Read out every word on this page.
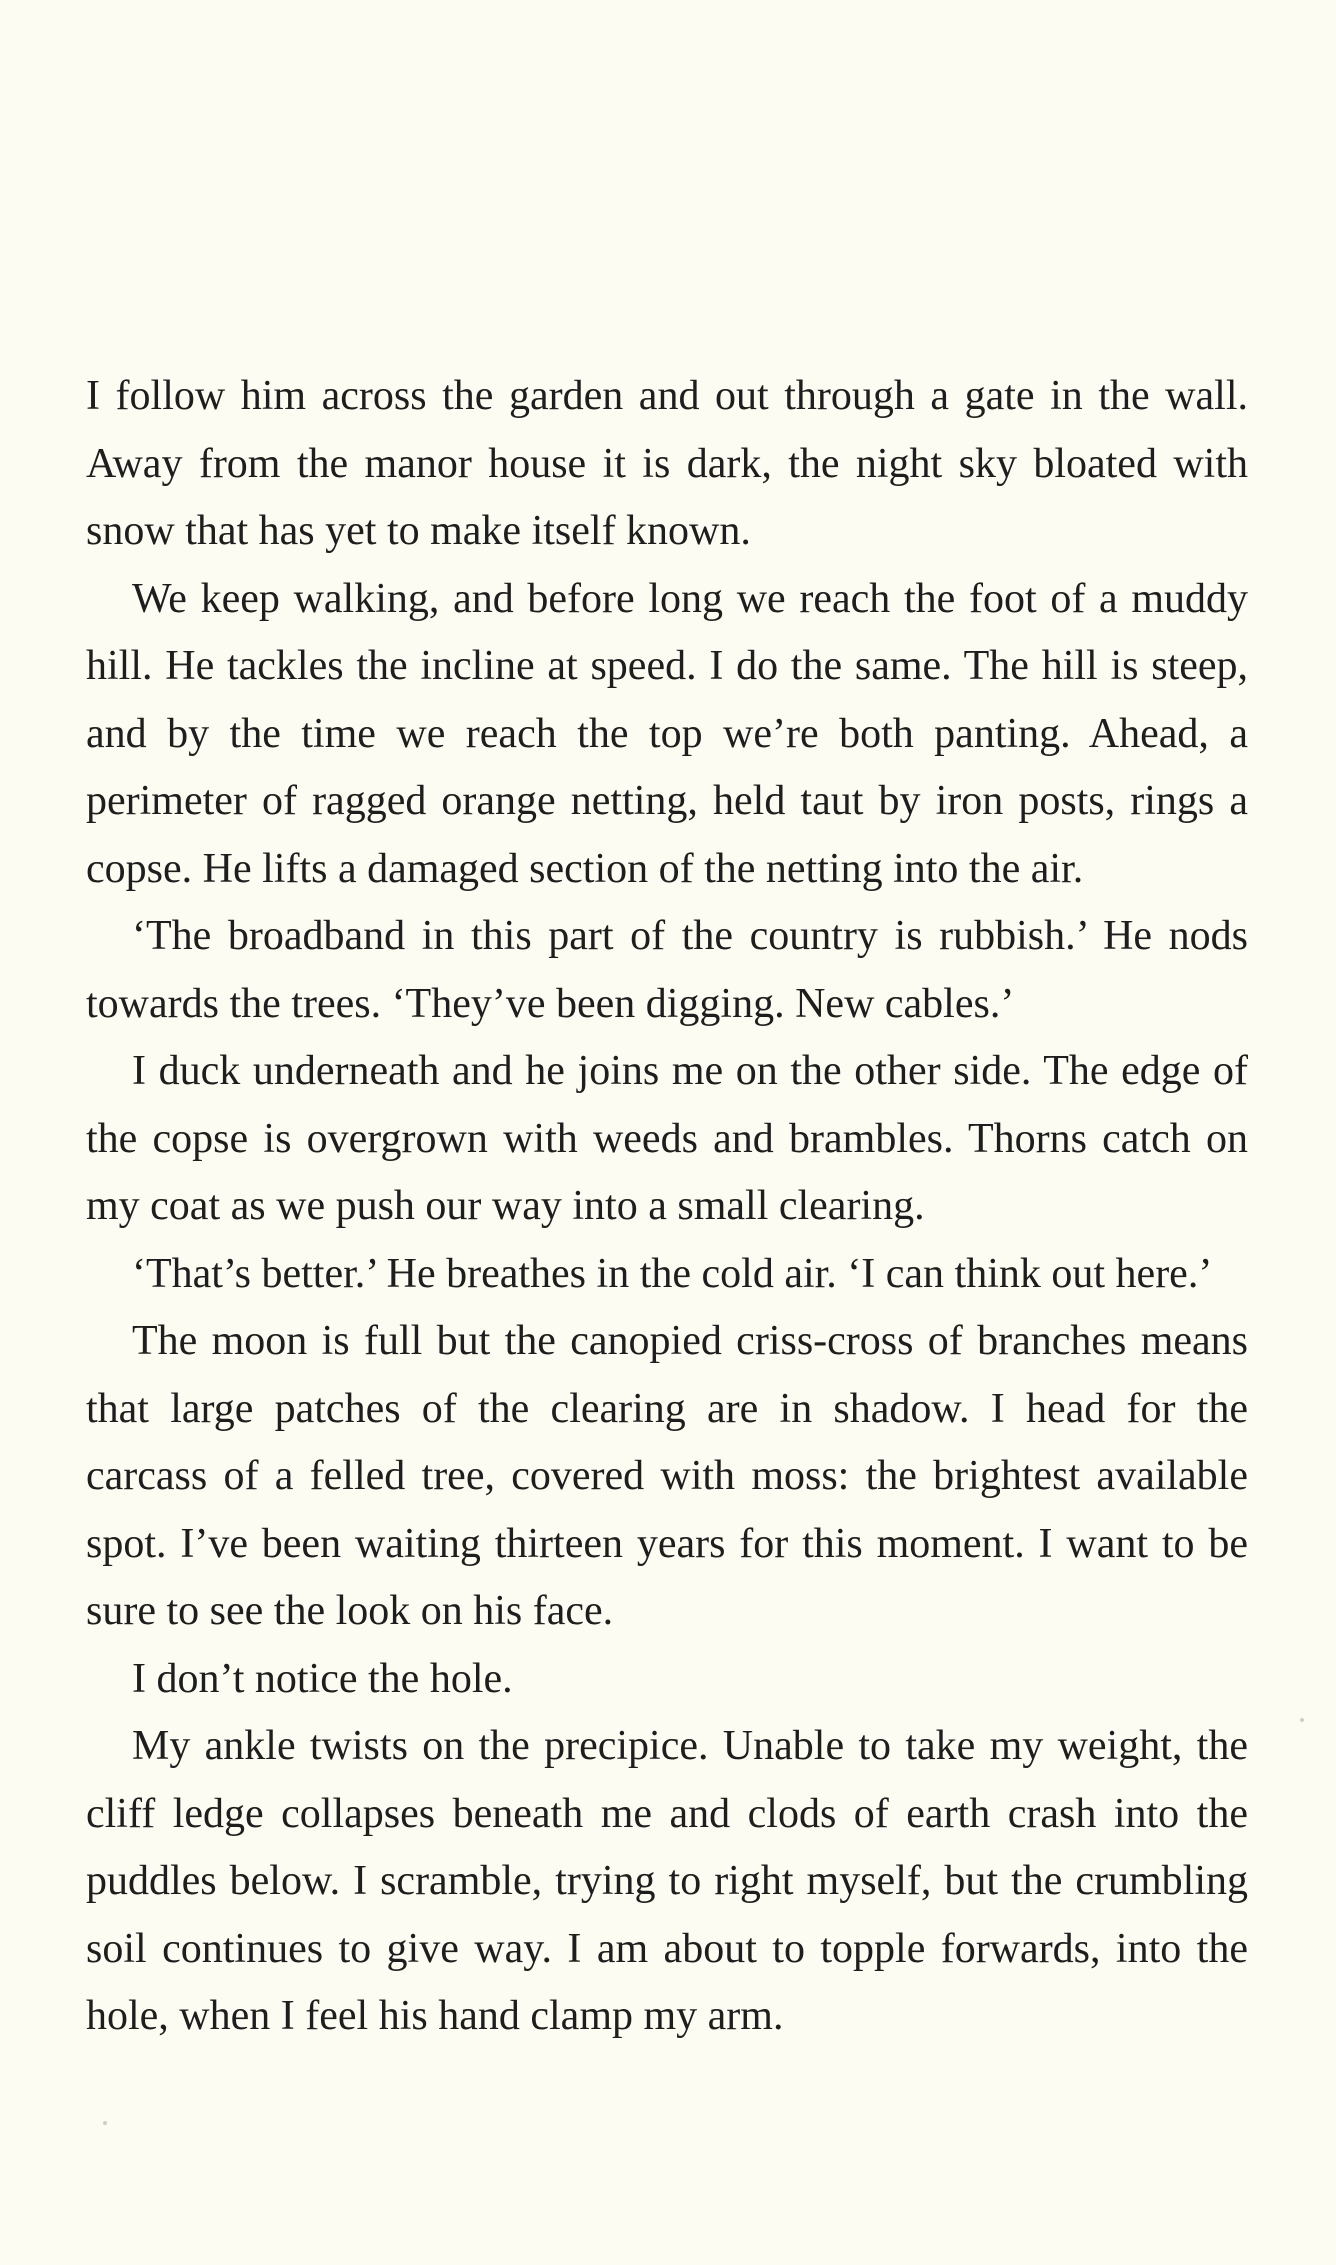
I follow him across the garden and out through a gate in the wall. Away from the manor house it is dark, the night sky bloated with snow that has yet to make itself known.

We keep walking, and before long we reach the foot of a muddy hill. He tackles the incline at speed. I do the same. The hill is steep, and by the time we reach the top we’re both panting. Ahead, a perimeter of ragged orange netting, held taut by iron posts, rings a copse. He lifts a damaged section of the netting into the air.

‘The broadband in this part of the country is rubbish.’ He nods towards the trees. ‘They’ve been digging. New cables.’

I duck underneath and he joins me on the other side. The edge of the copse is overgrown with weeds and brambles. Thorns catch on my coat as we push our way into a small clearing.

‘That’s better.’ He breathes in the cold air. ‘I can think out here.’

The moon is full but the canopied criss-cross of branches means that large patches of the clearing are in shadow. I head for the carcass of a felled tree, covered with moss: the brightest available spot. I’ve been waiting thirteen years for this moment. I want to be sure to see the look on his face.

I don’t notice the hole.

My ankle twists on the precipice. Unable to take my weight, the cliff ledge collapses beneath me and clods of earth crash into the puddles below. I scramble, trying to right myself, but the crumbling soil continues to give way. I am about to topple forwards, into the hole, when I feel his hand clamp my arm.
